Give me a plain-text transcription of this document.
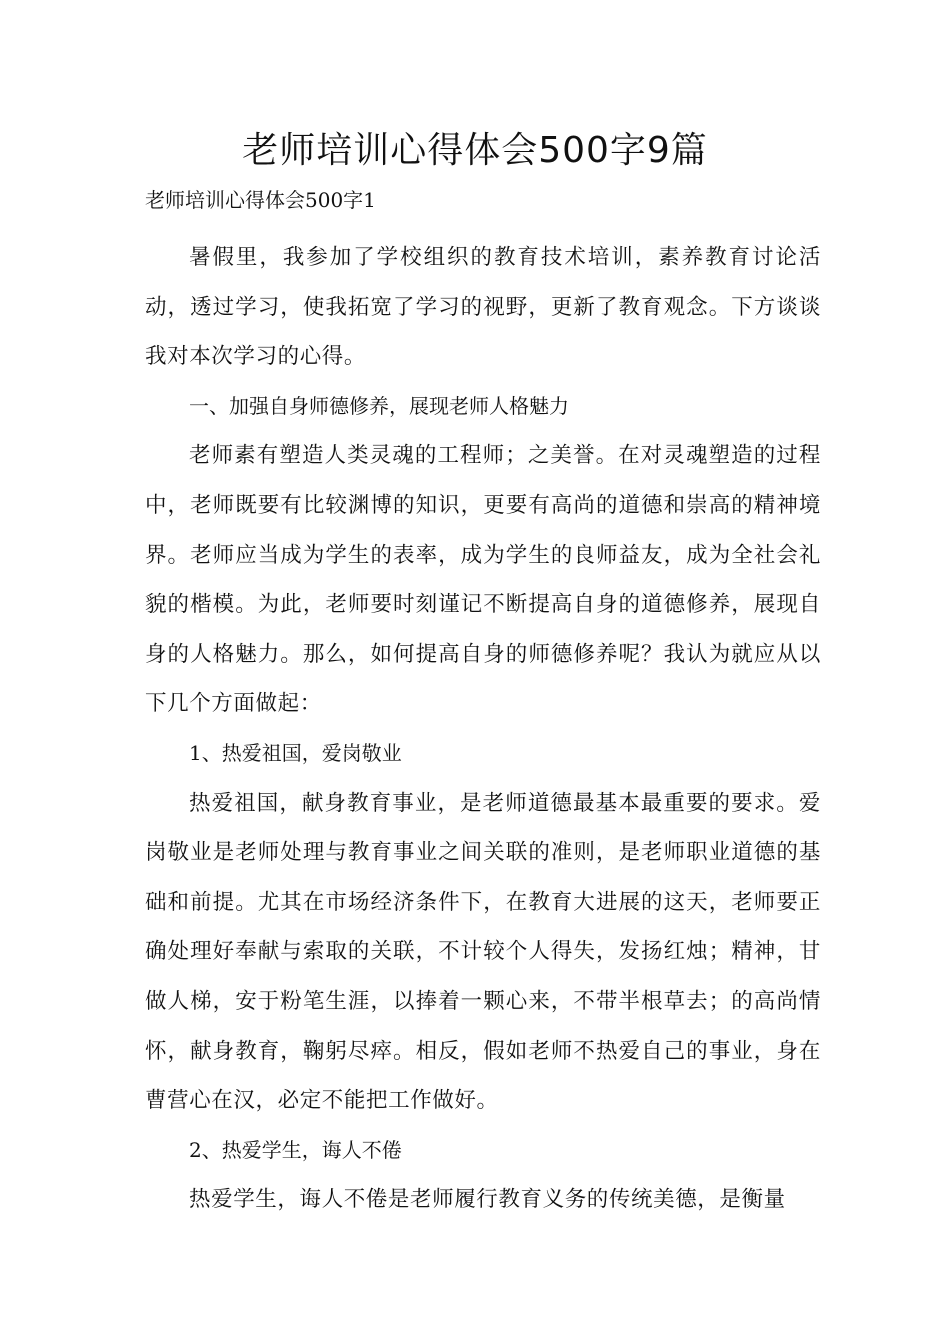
老师培训心得体会500字9篇

老师培训心得体会500字1

暑假里，我参加了学校组织的教育技术培训，素养教育讨论活动，透过学习，使我拓宽了学习的视野，更新了教育观念。下方谈谈我对本次学习的心得。

一、加强自身师德修养，展现老师人格魅力

老师素有塑造人类灵魂的工程师；之美誉。在对灵魂塑造的过程中，老师既要有比较渊博的知识，更要有高尚的道德和崇高的精神境界。老师应当成为学生的表率，成为学生的良师益友，成为全社会礼貌的楷模。为此，老师要时刻谨记不断提高自身的道德修养，展现自身的人格魅力。那么，如何提高自身的师德修养呢？我认为就应从以下几个方面做起：

1、热爱祖国，爱岗敬业

热爱祖国，献身教育事业，是老师道德最基本最重要的要求。爱岗敬业是老师处理与教育事业之间关联的准则，是老师职业道德的基础和前提。尤其在市场经济条件下，在教育大进展的这天，老师要正确处理好奉献与索取的关联，不计较个人得失，发扬红烛；精神，甘做人梯，安于粉笔生涯，以捧着一颗心来，不带半根草去；的高尚情怀，献身教育，鞠躬尽瘁。相反，假如老师不热爱自己的事业，身在曹营心在汉，必定不能把工作做好。

2、热爱学生，诲人不倦

热爱学生，诲人不倦是老师履行教育义务的传统美德，是衡量
